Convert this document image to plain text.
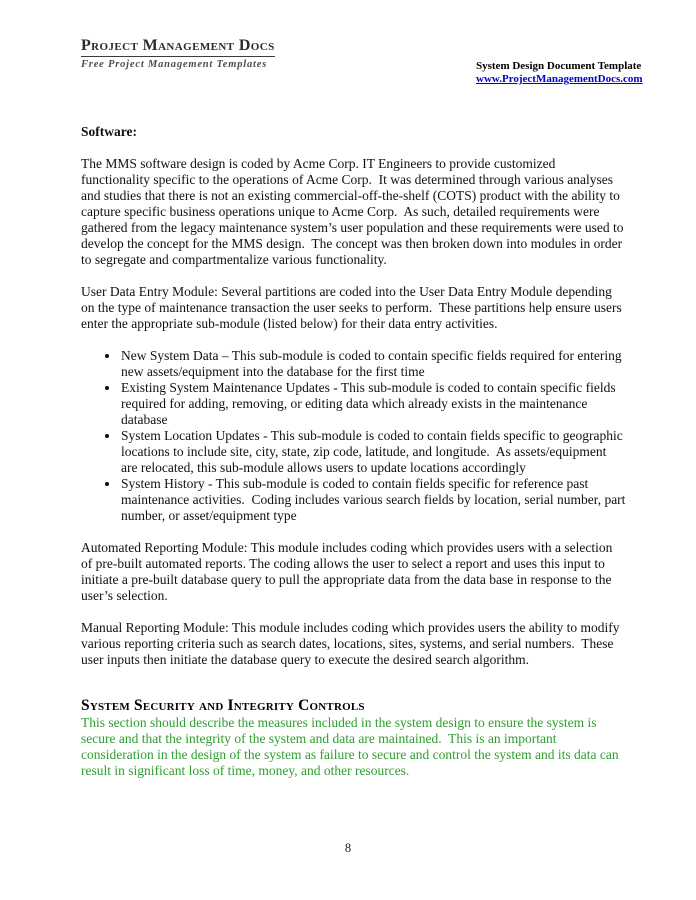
Project Management Docs
Free Project Management Templates	System Design Document Template
www.ProjectManagementDocs.com

Software:

The MMS software design is coded by Acme Corp. IT Engineers to provide customized functionality specific to the operations of Acme Corp.  It was determined through various analyses and studies that there is not an existing commercial-off-the-shelf (COTS) product with the ability to capture specific business operations unique to Acme Corp.  As such, detailed requirements were gathered from the legacy maintenance system’s user population and these requirements were used to develop the concept for the MMS design.  The concept was then broken down into modules in order to segregate and compartmentalize various functionality.

User Data Entry Module: Several partitions are coded into the User Data Entry Module depending on the type of maintenance transaction the user seeks to perform.  These partitions help ensure users enter the appropriate sub-module (listed below) for their data entry activities.

• New System Data – This sub-module is coded to contain specific fields required for entering new assets/equipment into the database for the first time
• Existing System Maintenance Updates - This sub-module is coded to contain specific fields required for adding, removing, or editing data which already exists in the maintenance database
• System Location Updates - This sub-module is coded to contain fields specific to geographic locations to include site, city, state, zip code, latitude, and longitude.  As assets/equipment are relocated, this sub-module allows users to update locations accordingly
• System History - This sub-module is coded to contain fields specific for reference past maintenance activities.  Coding includes various search fields by location, serial number, part number, or asset/equipment type

Automated Reporting Module: This module includes coding which provides users with a selection of pre-built automated reports. The coding allows the user to select a report and uses this input to initiate a pre-built database query to pull the appropriate data from the data base in response to the user’s selection.

Manual Reporting Module: This module includes coding which provides users the ability to modify various reporting criteria such as search dates, locations, sites, systems, and serial numbers.  These user inputs then initiate the database query to execute the desired search algorithm.

System Security and Integrity Controls

This section should describe the measures included in the system design to ensure the system is secure and that the integrity of the system and data are maintained.  This is an important consideration in the design of the system as failure to secure and control the system and its data can result in significant loss of time, money, and other resources.

8
